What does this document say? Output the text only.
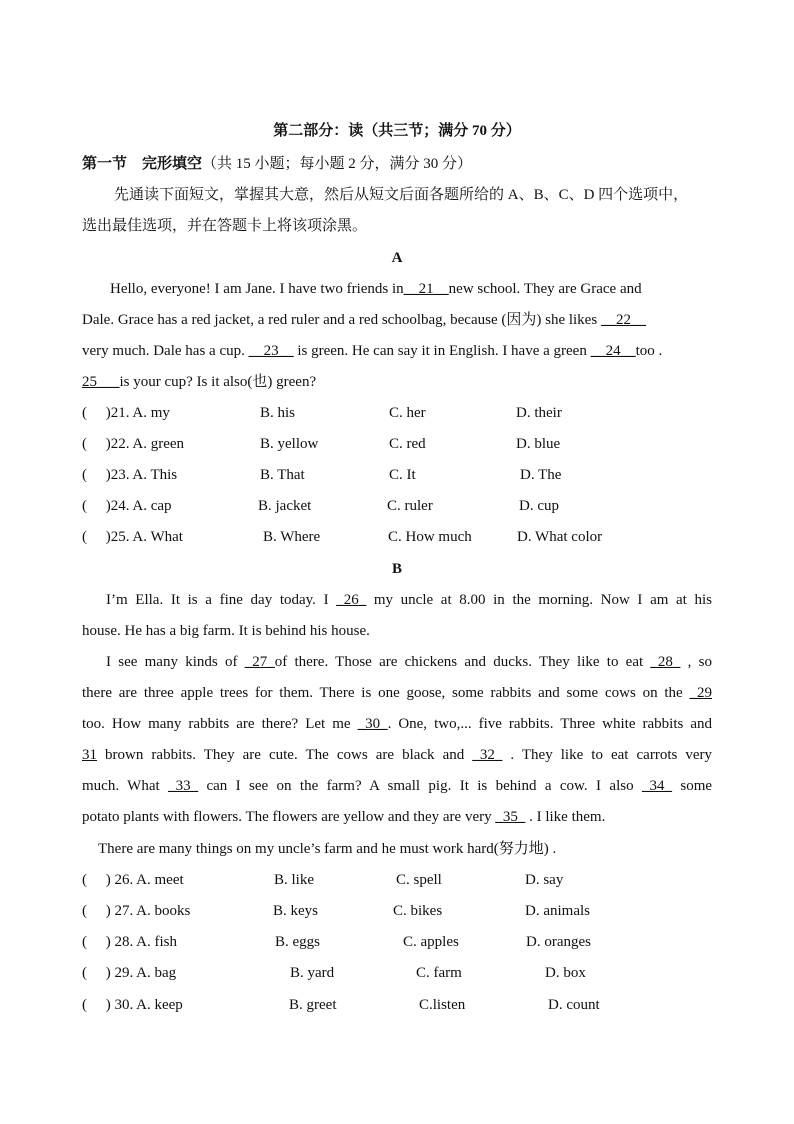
第二部分：读（共三节；满分 70 分）
第一节　完形填空（共 15 小题；每小题 2 分，满分 30 分）
先通读下面短文，掌握其大意，然后从短文后面各题所给的 A、B、C、D 四个选项中，
选出最佳选项，并在答题卡上将该项涂黑。
A
Hello, everyone! I am Jane. I have two friends in__21__new school. They are Grace and
Dale. Grace has a red jacket, a red ruler and a red schoolbag, because (因为) she likes __22__
very much. Dale has a cup. __23__ is green. He can say it in English. I have a green __24__too .
25___is your cup? Is it also(也) green?
(　 )21. A. my	B. his	C. her	D. their
(　 )22. A. green	B. yellow	C. red	D. blue
(　 )23. A. This	B. That	C. It	D. The
(　 )24. A. cap	B. jacket	C. ruler	D. cup
(　 )25. A. What	B. Where	C. How much	D. What color
B
I’m Ella. It is a fine day today. I _26_ my uncle at 8.00 in the morning. Now I am at his
house. He has a big farm. It is behind his house.
I see many kinds of _27_of there. Those are chickens and ducks. They like to eat _28_ , so
there are three apple trees for them. There is one goose, some rabbits and some cows on the _29
too. How many rabbits are there? Let me _30_. One, two,... five rabbits. Three white rabbits and
31 brown rabbits. They are cute. The cows are black and _32_ . They like to eat carrots very
much. What _33_ can I see on the farm? A small pig. It is behind a cow. I also _34_ some
potato plants with flowers. The flowers are yellow and they are very _35_ . I like them.
There are many things on my uncle’s farm and he must work hard(努力地) .
(　 ) 26. A. meet	B. like	C. spell	D. say
(　 ) 27. A. books	B. keys	C. bikes	D. animals
(　 ) 28. A. fish	B. eggs	C. apples	D. oranges
(　 ) 29. A. bag	B. yard	C. farm	D. box
(　 ) 30. A. keep	B. greet	C.listen	D. count
